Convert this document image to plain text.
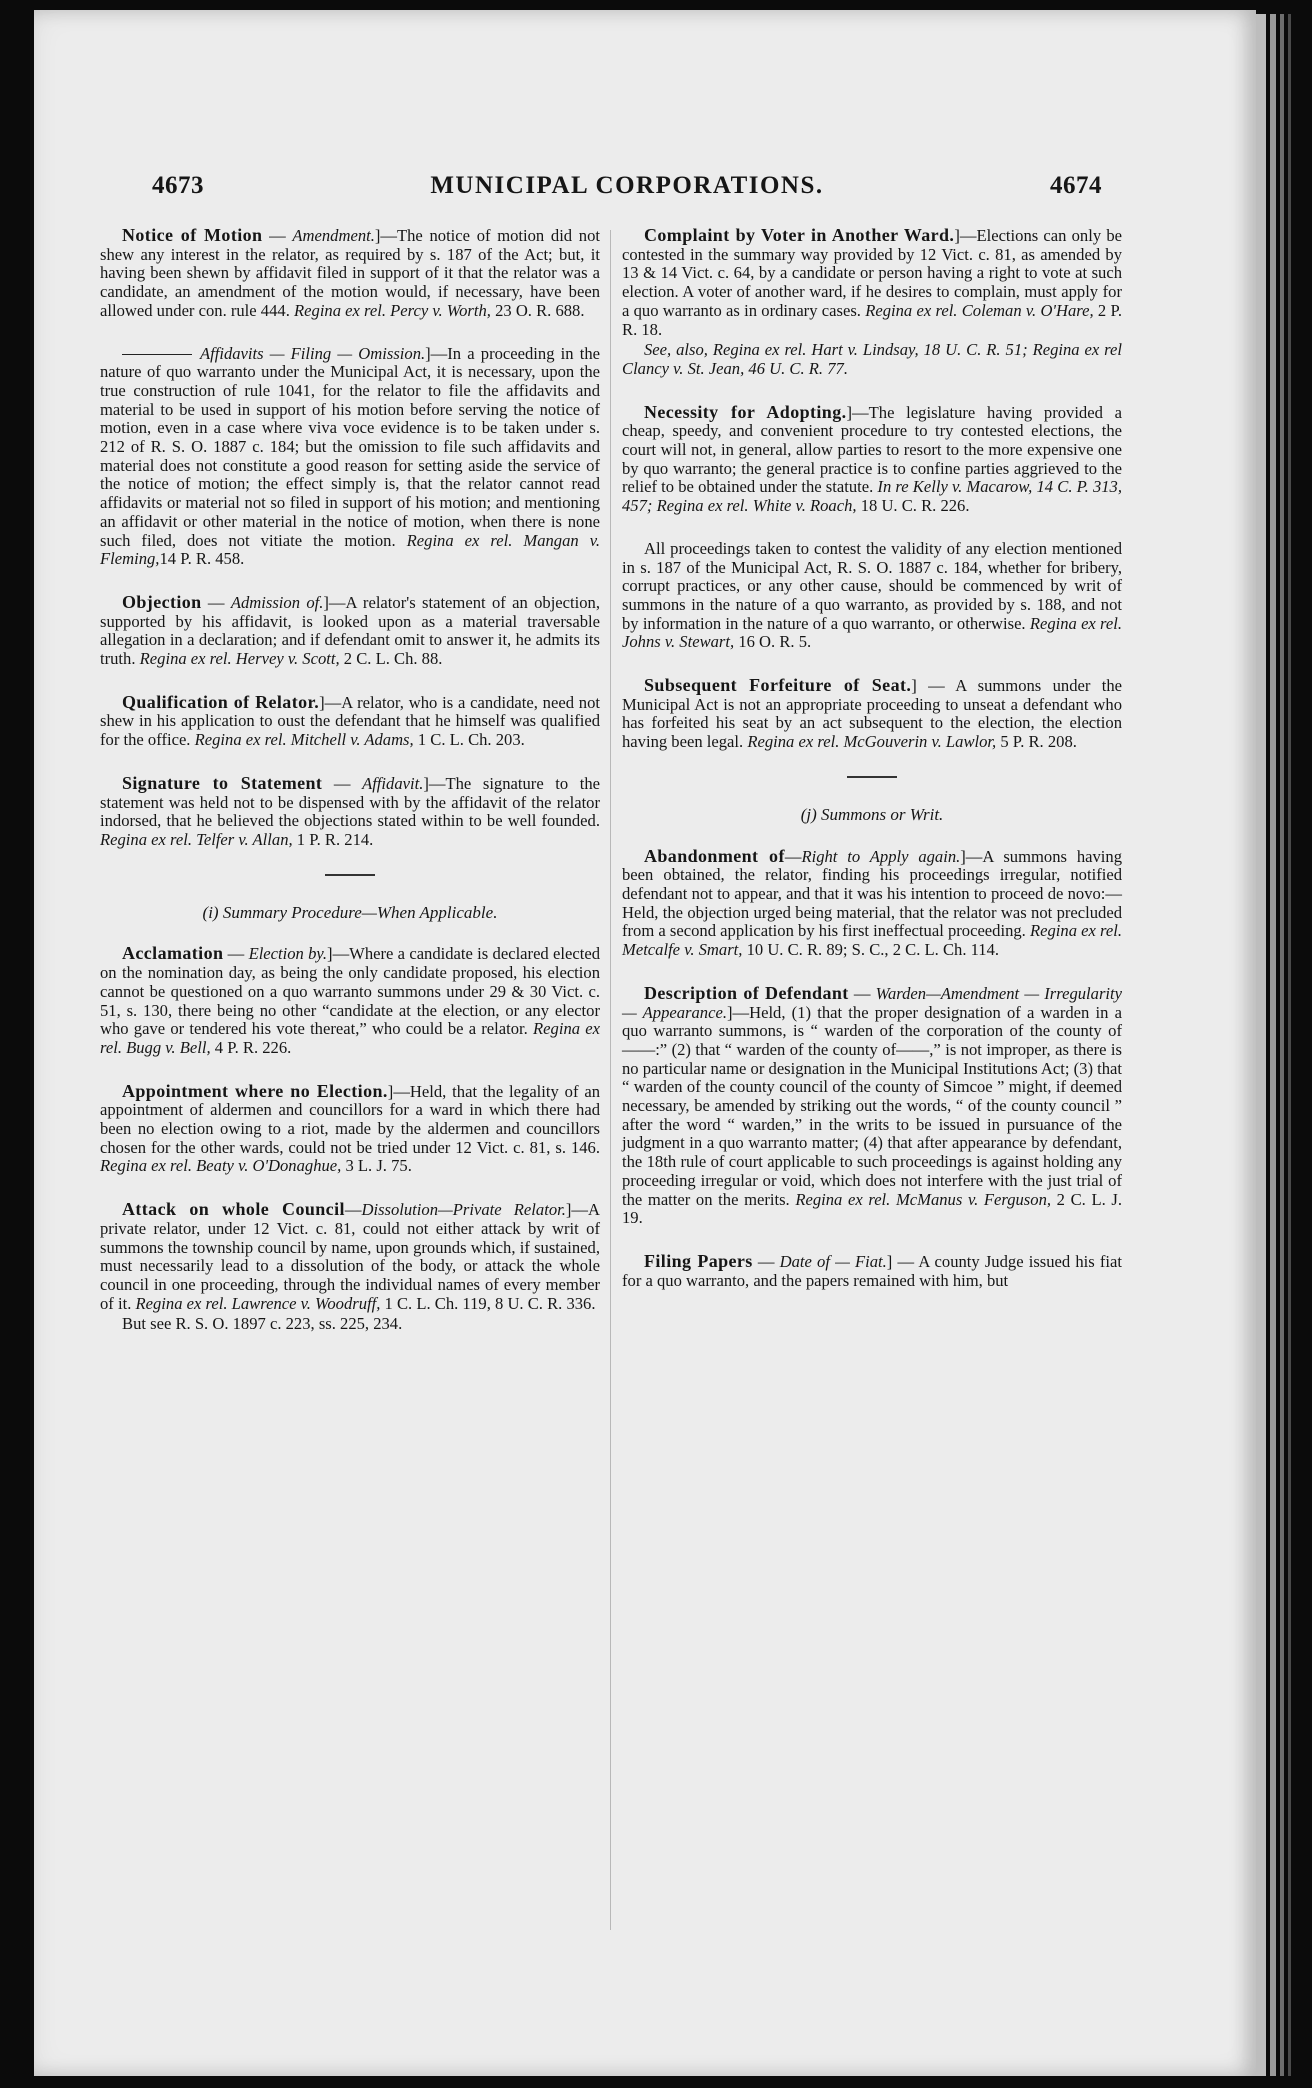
4673	MUNICIPAL CORPORATIONS.	4674

Notice of Motion — Amendment.]—The notice of motion did not shew any interest in the relator, as required by s. 187 of the Act; but, it having been shewn by affidavit filed in support of it that the relator was a candidate, an amendment of the motion would, if necessary, have been allowed under con. rule 444. Regina ex rel. Percy v. Worth, 23 O. R. 688.

Affidavits — Filing — Omission.]—In a proceeding in the nature of quo warranto under the Municipal Act, it is necessary, upon the true construction of rule 1041, for the relator to file the affidavits and material to be used in support of his motion before serving the notice of motion, even in a case where viva voce evidence is to be taken under s. 212 of R. S. O. 1887 c. 184; but the omission to file such affidavits and material does not constitute a good reason for setting aside the service of the notice of motion; the effect simply is, that the relator cannot read affidavits or material not so filed in support of his motion; and mentioning an affidavit or other material in the notice of motion, when there is none such filed, does not vitiate the motion. Regina ex rel. Mangan v. Fleming,14 P. R. 458.

Objection — Admission of.]—A relator's statement of an objection, supported by his affidavit, is looked upon as a material traversable allegation in a declaration; and if defendant omit to answer it, he admits its truth. Regina ex rel. Hervey v. Scott, 2 C. L. Ch. 88.

Qualification of Relator.]—A relator, who is a candidate, need not shew in his application to oust the defendant that he himself was qualified for the office. Regina ex rel. Mitchell v. Adams, 1 C. L. Ch. 203.

Signature to Statement — Affidavit.]—The signature to the statement was held not to be dispensed with by the affidavit of the relator indorsed, that he believed the objections stated within to be well founded. Regina ex rel. Telfer v. Allan, 1 P. R. 214.

(i) Summary Procedure—When Applicable.

Acclamation — Election by.]—Where a candidate is declared elected on the nomination day, as being the only candidate proposed, his election cannot be questioned on a quo warranto summons under 29 & 30 Vict. c. 51, s. 130, there being no other “candidate at the election, or any elector who gave or tendered his vote thereat,” who could be a relator. Regina ex rel. Bugg v. Bell, 4 P. R. 226.

Appointment where no Election.]—Held, that the legality of an appointment of aldermen and councillors for a ward in which there had been no election owing to a riot, made by the aldermen and councillors chosen for the other wards, could not be tried under 12 Vict. c. 81, s. 146. Regina ex rel. Beaty v. O'Donaghue, 3 L. J. 75.

Attack on whole Council—Dissolution—Private Relator.]—A private relator, under 12 Vict. c. 81, could not either attack by writ of summons the township council by name, upon grounds which, if sustained, must necessarily lead to a dissolution of the body, or attack the whole council in one proceeding, through the individual names of every member of it. Regina ex rel. Lawrence v. Woodruff, 1 C. L. Ch. 119, 8 U. C. R. 336.

But see R. S. O. 1897 c. 223, ss. 225, 234.

Complaint by Voter in Another Ward.]—Elections can only be contested in the summary way provided by 12 Vict. c. 81, as amended by 13 & 14 Vict. c. 64, by a candidate or person having a right to vote at such election. A voter of another ward, if he desires to complain, must apply for a quo warranto as in ordinary cases. Regina ex rel. Coleman v. O'Hare, 2 P. R. 18.

See, also, Regina ex rel. Hart v. Lindsay, 18 U. C. R. 51; Regina ex rel Clancy v. St. Jean, 46 U. C. R. 77.

Necessity for Adopting.]—The legislature having provided a cheap, speedy, and convenient procedure to try contested elections, the court will not, in general, allow parties to resort to the more expensive one by quo warranto; the general practice is to confine parties aggrieved to the relief to be obtained under the statute. In re Kelly v. Macarow, 14 C. P. 313, 457; Regina ex rel. White v. Roach, 18 U. C. R. 226.

All proceedings taken to contest the validity of any election mentioned in s. 187 of the Municipal Act, R. S. O. 1887 c. 184, whether for bribery, corrupt practices, or any other cause, should be commenced by writ of summons in the nature of a quo warranto, as provided by s. 188, and not by information in the nature of a quo warranto, or otherwise. Regina ex rel. Johns v. Stewart, 16 O. R. 5.

Subsequent Forfeiture of Seat.] — A summons under the Municipal Act is not an appropriate proceeding to unseat a defendant who has forfeited his seat by an act subsequent to the election, the election having been legal. Regina ex rel. McGouverin v. Lawlor, 5 P. R. 208.

(j) Summons or Writ.

Abandonment of—Right to Apply again.]—A summons having been obtained, the relator, finding his proceedings irregular, notified defendant not to appear, and that it was his intention to proceed de novo:—Held, the objection urged being material, that the relator was not precluded from a second application by his first ineffectual proceeding. Regina ex rel. Metcalfe v. Smart, 10 U. C. R. 89; S. C., 2 C. L. Ch. 114.

Description of Defendant — Warden—Amendment — Irregularity — Appearance.]—Held, (1) that the proper designation of a warden in a quo warranto summons, is “ warden of the corporation of the county of——:” (2) that “ warden of the county of——,” is not improper, as there is no particular name or designation in the Municipal Institutions Act; (3) that “ warden of the county council of the county of Simcoe ” might, if deemed necessary, be amended by striking out the words, “ of the county council ” after the word “ warden,” in the writs to be issued in pursuance of the judgment in a quo warranto matter; (4) that after appearance by defendant, the 18th rule of court applicable to such proceedings is against holding any proceeding irregular or void, which does not interfere with the just trial of the matter on the merits. Regina ex rel. McManus v. Ferguson, 2 C. L. J. 19.

Filing Papers — Date of — Fiat.] — A county Judge issued his fiat for a quo warranto, and the papers remained with him, but
